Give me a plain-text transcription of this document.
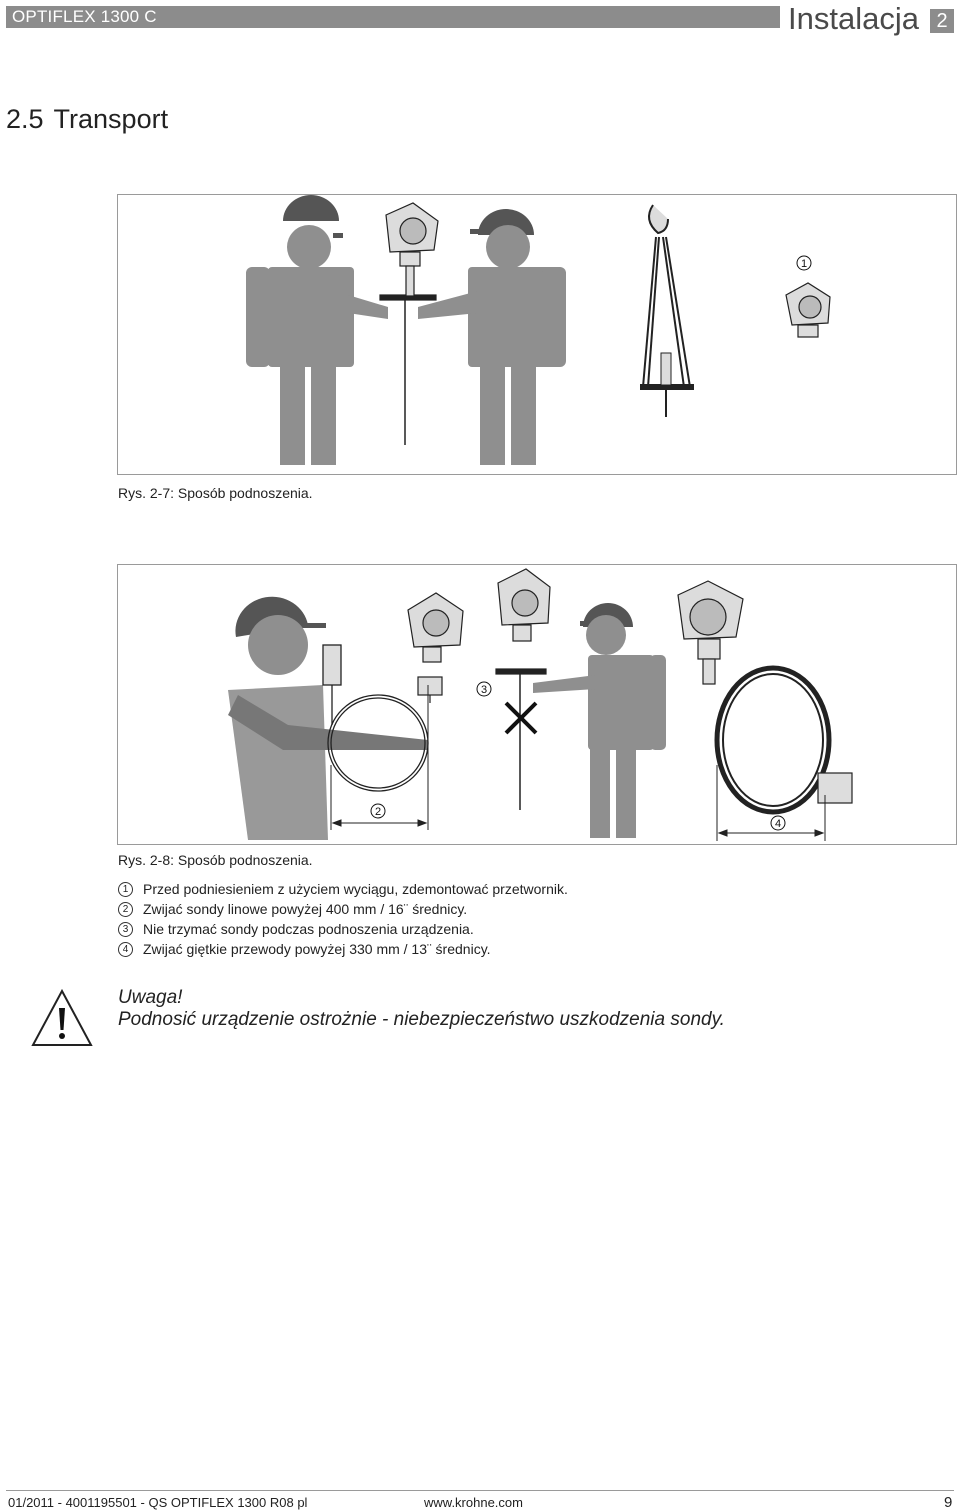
OPTIFLEX 1300 C	Instalacja 2
2.5 Transport
1
Rys. 2-7: Sposób podnoszenia.
2
3
4
Rys. 2-8: Sposób podnoszenia.
1	Przed podniesieniem z użyciem wyciągu, zdemontować przetwornik.
2	Zwijać sondy linowe powyżej 400 mm / 16¨ średnicy.
3	Nie trzymać sondy podczas podnoszenia urządzenia.
4	Zwijać giętkie przewody powyżej 330 mm / 13¨ średnicy.
Uwaga!
Podnosić urządzenie ostrożnie - niebezpieczeństwo uszkodzenia sondy.
01/2011 - 4001195501 - QS OPTIFLEX 1300 R08 pl	www.krohne.com	9
